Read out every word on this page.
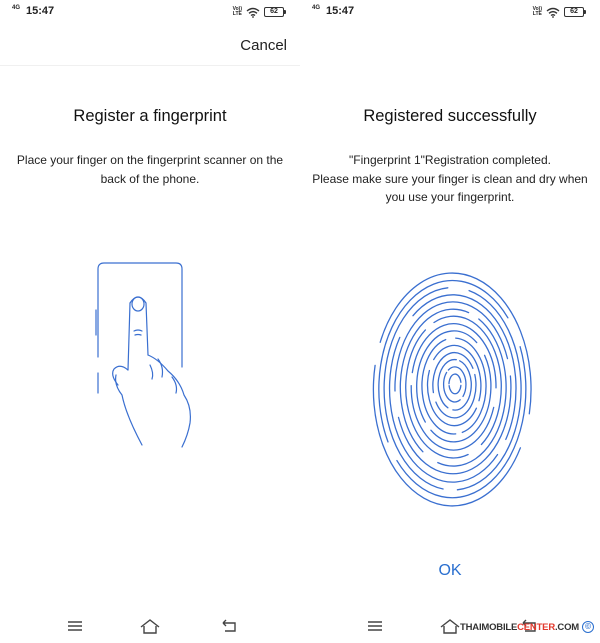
4G 15:47	Vo))
LTE	62
Cancel
Register a fingerprint
Place your finger on the fingerprint scanner on the back of the phone.
4G 15:47	Vo))
LTE	62
Registered successfully
"Fingerprint 1"Registration completed.
Please make sure your finger is clean and dry when you use your fingerprint.
OK
THAIMOBILE CENTER .COM ©
